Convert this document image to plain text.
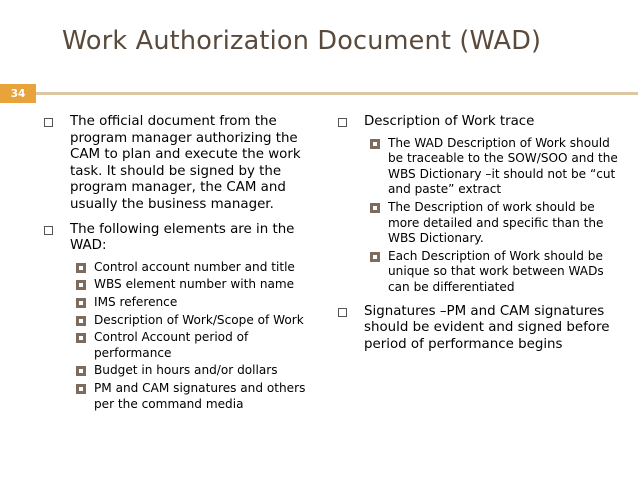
Work Authorization Document (WAD)
34
The official document from the program manager authorizing the CAM to plan and execute the work task. It should be signed by the program manager, the CAM and usually the business manager.
The following elements are in the WAD:
Control account number and title
WBS element number with name
IMS reference
Description of Work/Scope of Work
Control Account period of performance
Budget in hours and/or dollars
PM and CAM signatures and others per the command media
Description of Work trace
The WAD Description of Work should be traceable to the SOW/SOO and the WBS Dictionary –it should not be “cut and paste” extract
The Description of work should be more detailed and specific than the WBS Dictionary.
Each Description of Work should be unique so that work between WADs can be differentiated
Signatures –PM and CAM signatures should be evident and signed before period of performance begins
